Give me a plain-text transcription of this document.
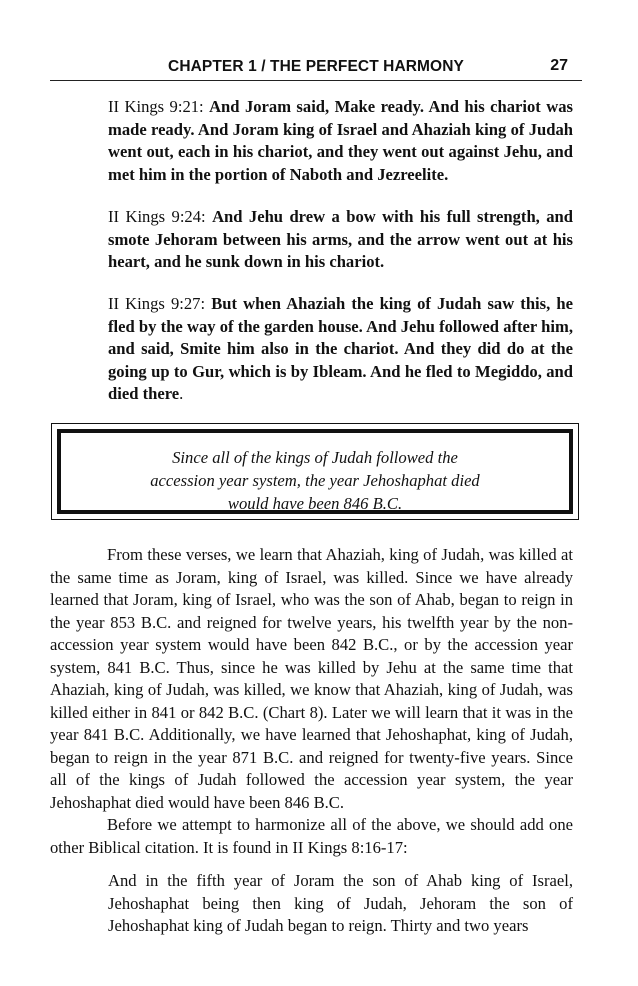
CHAPTER 1 / THE PERFECT HARMONY	27

II Kings 9:21: And Joram said, Make ready. And his chariot was made ready. And Joram king of Israel and Ahaziah king of Judah went out, each in his chariot, and they went out against Jehu, and met him in the portion of Naboth and Jezreelite.

II Kings 9:24: And Jehu drew a bow with his full strength, and smote Jehoram between his arms, and the arrow went out at his heart, and he sunk down in his chariot.

II Kings 9:27: But when Ahaziah the king of Judah saw this, he fled by the way of the garden house. And Jehu followed after him, and said, Smite him also in the chariot. And they did do at the going up to Gur, which is by Ibleam. And he fled to Megiddo, and died there.

Since all of the kings of Judah followed the
accession year system, the year Jehoshaphat died
would have been 846 B.C.

From these verses, we learn that Ahaziah, king of Judah, was killed at the same time as Joram, king of Israel, was killed. Since we have already learned that Joram, king of Israel, who was the son of Ahab, began to reign in the year 853 B.C. and reigned for twelve years, his twelfth year by the non-accession year system would have been 842 B.C., or by the accession year system, 841 B.C. Thus, since he was killed by Jehu at the same time that Ahaziah, king of Judah, was killed, we know that Ahaziah, king of Judah, was killed either in 841 or 842 B.C. (Chart 8). Later we will learn that it was in the year 841 B.C. Additionally, we have learned that Jehoshaphat, king of Judah, began to reign in the year 871 B.C. and reigned for twenty-five years. Since all of the kings of Judah followed the accession year system, the year Jehoshaphat died would have been 846 B.C.

Before we attempt to harmonize all of the above, we should add one other Biblical citation. It is found in II Kings 8:16-17:

And in the fifth year of Joram the son of Ahab king of Israel, Jehoshaphat being then king of Judah, Jehoram the son of Jehoshaphat king of Judah began to reign. Thirty and two years
